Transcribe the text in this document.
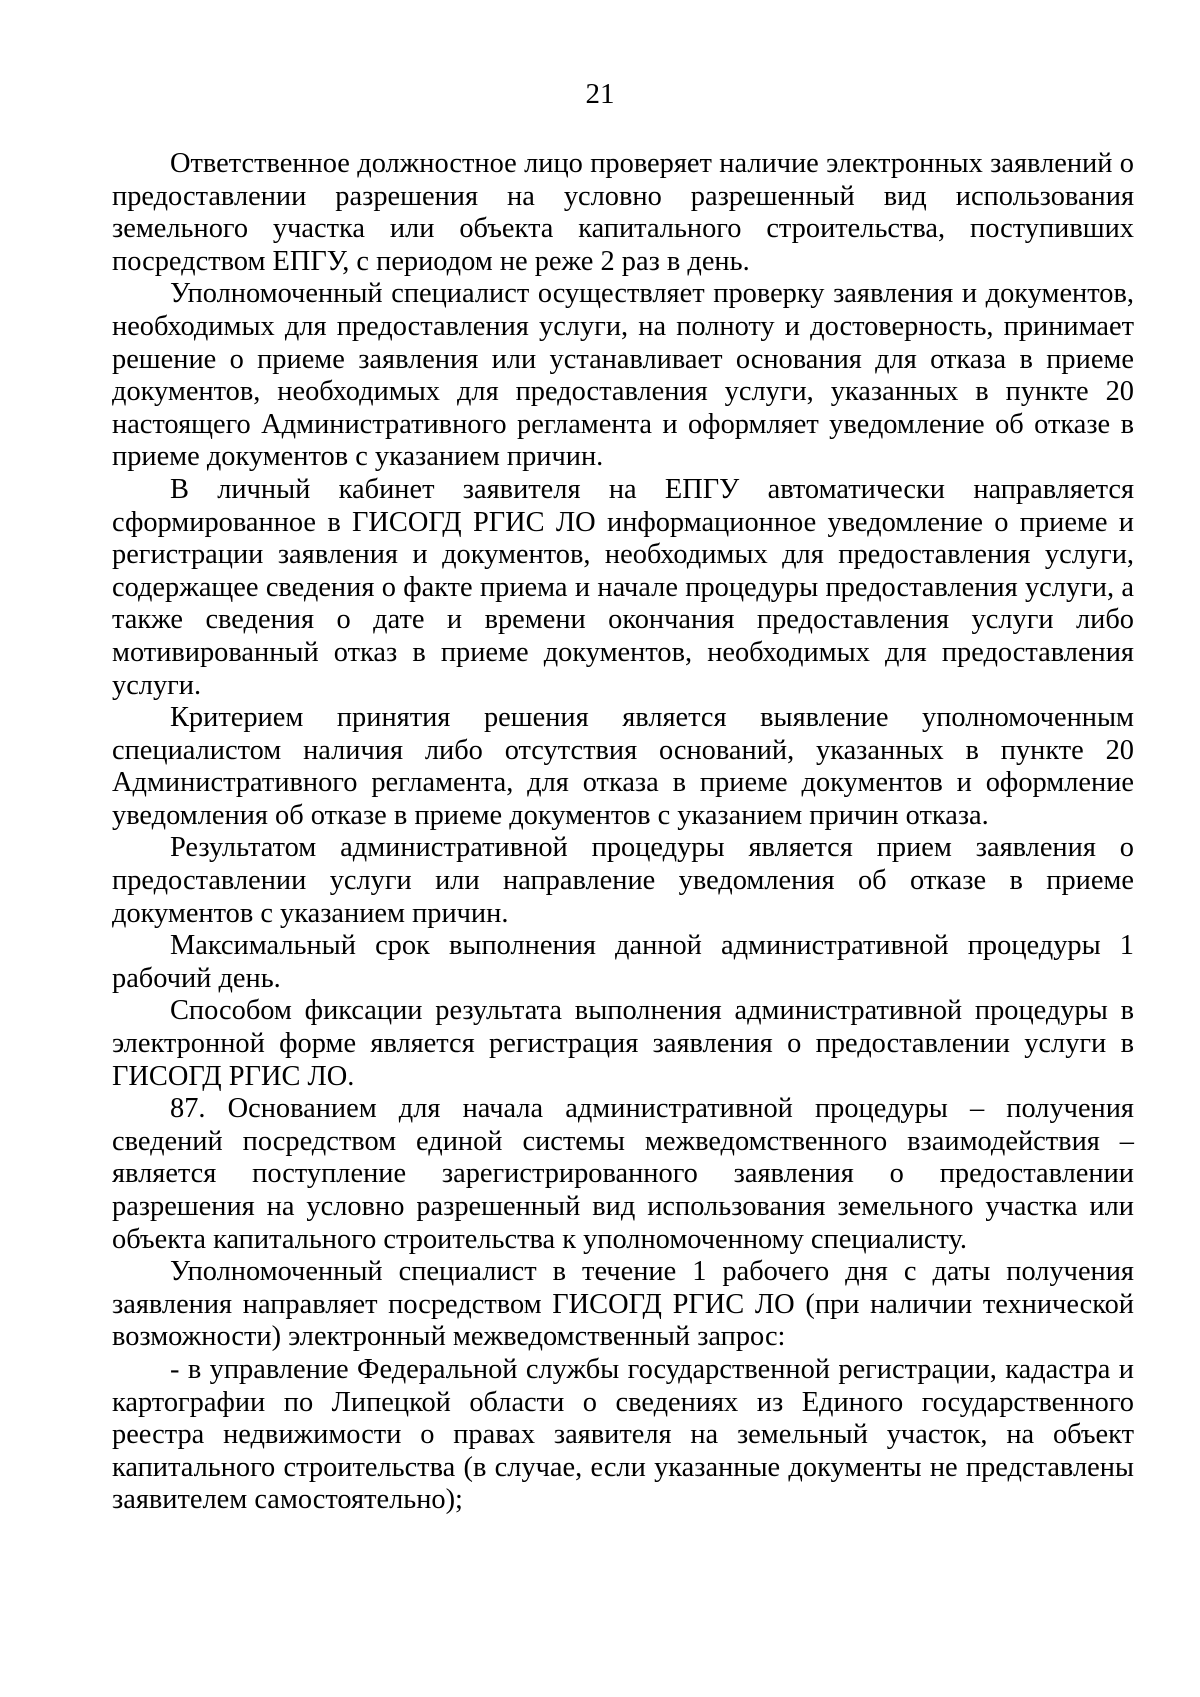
21

Ответственное должностное лицо проверяет наличие электронных заявлений о предоставлении разрешения на условно разрешенный вид использования земельного участка или объекта капитального строительства, поступивших посредством ЕПГУ, с периодом не реже 2 раз в день.

Уполномоченный специалист осуществляет проверку заявления и документов, необходимых для предоставления услуги, на полноту и достоверность, принимает решение о приеме заявления или устанавливает основания для отказа в приеме документов, необходимых для предоставления услуги, указанных в пункте 20 настоящего Административного регламента и оформляет уведомление об отказе в приеме документов с указанием причин.

В личный кабинет заявителя на ЕПГУ автоматически направляется сформированное в ГИСОГД РГИС ЛО информационное уведомление о приеме и регистрации заявления и документов, необходимых для предоставления услуги, содержащее сведения о факте приема и начале процедуры предоставления услуги, а также сведения о дате и времени окончания предоставления услуги либо мотивированный отказ в приеме документов, необходимых для предоставления услуги.

Критерием принятия решения является выявление уполномоченным специалистом наличия либо отсутствия оснований, указанных в пункте 20 Административного регламента, для отказа в приеме документов и оформление уведомления об отказе в приеме документов с указанием причин отказа.

Результатом административной процедуры является прием заявления о предоставлении услуги или направление уведомления об отказе в приеме документов с указанием причин.

Максимальный срок выполнения данной административной процедуры 1 рабочий день.

Способом фиксации результата выполнения административной процедуры в электронной форме является регистрация заявления о предоставлении услуги в ГИСОГД РГИС ЛО.

87. Основанием для начала административной процедуры – получения сведений посредством единой системы межведомственного взаимодействия – является поступление зарегистрированного заявления о предоставлении разрешения на условно разрешенный вид использования земельного участка или объекта капитального строительства к уполномоченному специалисту.

Уполномоченный специалист в течение 1 рабочего дня с даты получения заявления направляет посредством ГИСОГД РГИС ЛО (при наличии технической возможности) электронный межведомственный запрос:

- в управление Федеральной службы государственной регистрации, кадастра и картографии по Липецкой области о сведениях из Единого государственного реестра недвижимости о правах заявителя на земельный участок, на объект капитального строительства (в случае, если указанные документы не представлены заявителем самостоятельно);
